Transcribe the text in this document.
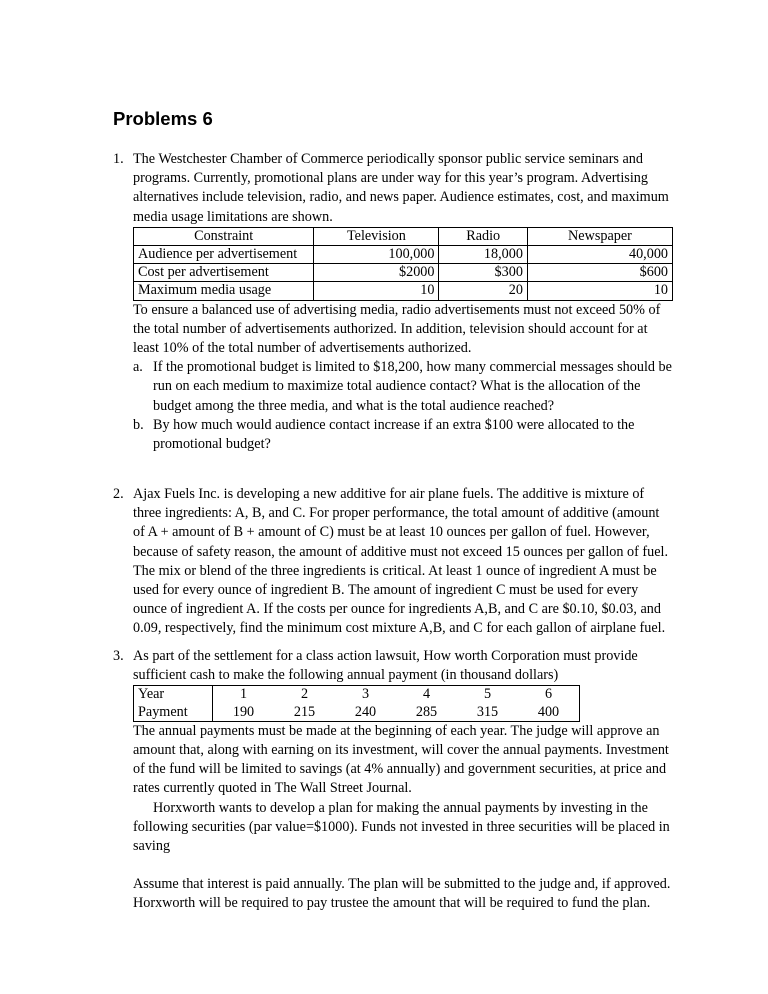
Problems 6
1. The Westchester Chamber of Commerce periodically sponsor public service seminars and programs. Currently, promotional plans are under way for this year’s program. Advertising alternatives include television, radio, and news paper. Audience estimates, cost, and maximum media usage limitations are shown.
Constraint	Television	Radio	Newspaper
Audience per advertisement	100,000	18,000	40,000
Cost per advertisement	$2000	$300	$600
Maximum media usage	10	20	10
To ensure a balanced use of advertising media, radio advertisements must not exceed 50% of the total number of advertisements authorized. In addition, television should account for at least 10% of the total number of advertisements authorized.
a. If the promotional budget is limited to $18,200, how many commercial messages should be run on each medium to maximize total audience contact? What is the allocation of the budget among the three media, and what is the total audience reached?
b. By how much would audience contact increase if an extra $100 were allocated to the promotional budget?
2. Ajax Fuels Inc. is developing a new additive for air plane fuels. The additive is mixture of three ingredients: A, B, and C. For proper performance, the total amount of additive (amount of A + amount of B + amount of C) must be at least 10 ounces per gallon of fuel. However, because of safety reason, the amount of additive must not exceed 15 ounces per gallon of fuel. The mix or blend of the three ingredients is critical. At least 1 ounce of ingredient A must be used for every ounce of ingredient B. The amount of ingredient C must be used for every ounce of ingredient A. If the costs per ounce for ingredients A,B, and C are $0.10, $0.03, and 0.09, respectively, find the minimum cost mixture A,B, and C for each gallon of airplane fuel.
3. As part of the settlement for a class action lawsuit, How worth Corporation must provide sufficient cash to make the following annual payment (in thousand dollars)
Year	1	2	3	4	5	6
Payment	190	215	240	285	315	400
The annual payments must be made at the beginning of each year. The judge will approve an amount that, along with earning on its investment, will cover the annual payments. Investment of the fund will be limited to savings (at 4% annually) and government securities, at price and rates currently quoted in The Wall Street Journal.
Horxworth wants to develop a plan for making the annual payments by investing in the following securities (par value=$1000). Funds not invested in three securities will be placed in saving
Assume that interest is paid annually. The plan will be submitted to the judge and, if approved. Horxworth will be required to pay trustee the amount that will be required to fund the plan.
